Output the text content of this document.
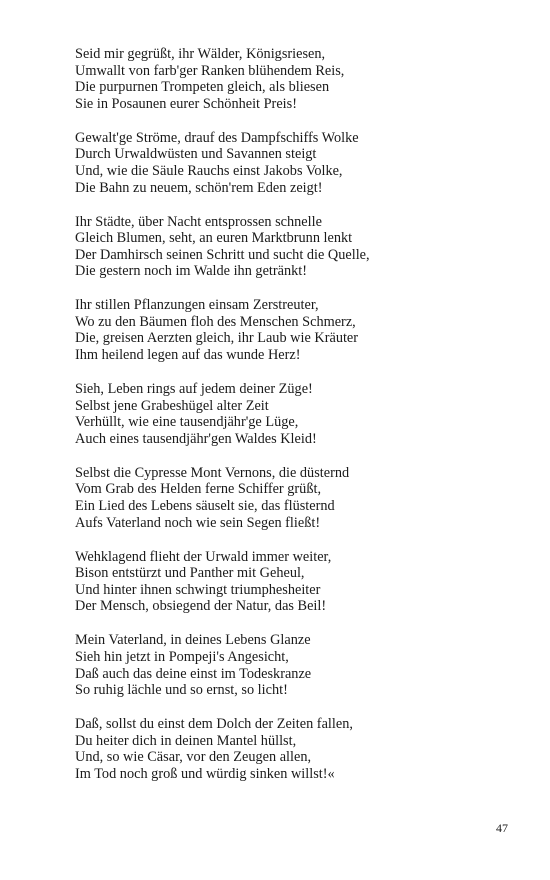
Seid mir gegrüßt, ihr Wälder, Königsriesen,
Umwallt von farb'ger Ranken blühendem Reis,
Die purpurnen Trompeten gleich, als bliesen
Sie in Posaunen eurer Schönheit Preis!
Gewalt'ge Ströme, drauf des Dampfschiffs Wolke
Durch Urwaldwüsten und Savannen steigt
Und, wie die Säule Rauchs einst Jakobs Volke,
Die Bahn zu neuem, schön'rem Eden zeigt!
Ihr Städte, über Nacht entsprossen schnelle
Gleich Blumen, seht, an euren Marktbrunn lenkt
Der Damhirsch seinen Schritt und sucht die Quelle,
Die gestern noch im Walde ihn getränkt!
Ihr stillen Pflanzungen einsam Zerstreuter,
Wo zu den Bäumen floh des Menschen Schmerz,
Die, greisen Aerzten gleich, ihr Laub wie Kräuter
Ihm heilend legen auf das wunde Herz!
Sieh, Leben rings auf jedem deiner Züge!
Selbst jene Grabeshügel alter Zeit
Verhüllt, wie eine tausendjähr'ge Lüge,
Auch eines tausendjähr'gen Waldes Kleid!
Selbst die Cypresse Mont Vernons, die düsternd
Vom Grab des Helden ferne Schiffer grüßt,
Ein Lied des Lebens säuselt sie, das flüsternd
Aufs Vaterland noch wie sein Segen fließt!
Wehklagend flieht der Urwald immer weiter,
Bison entstürzt und Panther mit Geheul,
Und hinter ihnen schwingt triumphesheiter
Der Mensch, obsiegend der Natur, das Beil!
Mein Vaterland, in deines Lebens Glanze
Sieh hin jetzt in Pompeji's Angesicht,
Daß auch das deine einst im Todeskranze
So ruhig lächle und so ernst, so licht!
Daß, sollst du einst dem Dolch der Zeiten fallen,
Du heiter dich in deinen Mantel hüllst,
Und, so wie Cäsar, vor den Zeugen allen,
Im Tod noch groß und würdig sinken willst!«
47
